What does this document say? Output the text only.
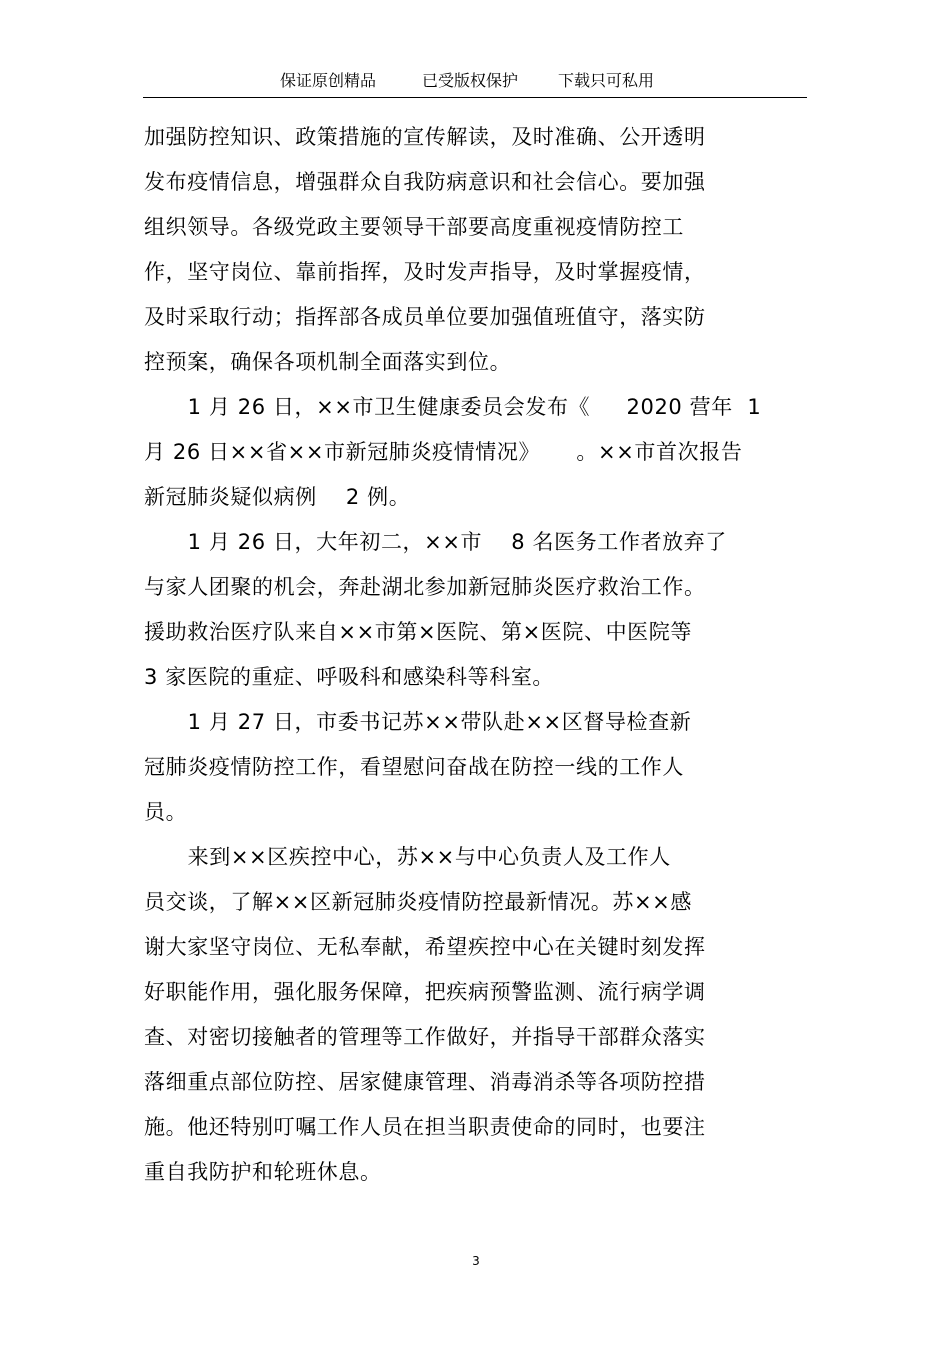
保证原创精品	已受版权保护 下载只可私用
加强防控知识、政策措施的宣传解读，及时准确、公开透明
发布疫情信息，增强群众自我防病意识和社会信心。要加强
组织领导。各级党政主要领导干部要高度重视疫情防控工
作，坚守岗位、靠前指挥，及时发声指导，及时掌握疫情，
及时采取行动；指挥部各成员单位要加强值班值守，落实防
控预案，确保各项机制全面落实到位。
1 月 26 日，××市卫生健康委员会发布《     2020 营年  1
月 26 日××省××市新冠肺炎疫情情况》     。××市首次报告
新冠肺炎疑似病例    2 例。
1 月 26 日，大年初二，××市    8 名医务工作者放弃了
与家人团聚的机会，奔赴湖北参加新冠肺炎医疗救治工作。
援助救治医疗队来自××市第×医院、第×医院、中医院等
3 家医院的重症、呼吸科和感染科等科室。
1 月 27 日，市委书记苏××带队赴××区督导检查新
冠肺炎疫情防控工作，看望慰问奋战在防控一线的工作人
员。
来到××区疾控中心，苏××与中心负责人及工作人
员交谈，了解××区新冠肺炎疫情防控最新情况。苏××感
谢大家坚守岗位、无私奉献，希望疾控中心在关键时刻发挥
好职能作用，强化服务保障，把疾病预警监测、流行病学调
查、对密切接触者的管理等工作做好，并指导干部群众落实
落细重点部位防控、居家健康管理、消毒消杀等各项防控措
施。他还特别叮嘱工作人员在担当职责使命的同时，也要注
重自我防护和轮班休息。
3
